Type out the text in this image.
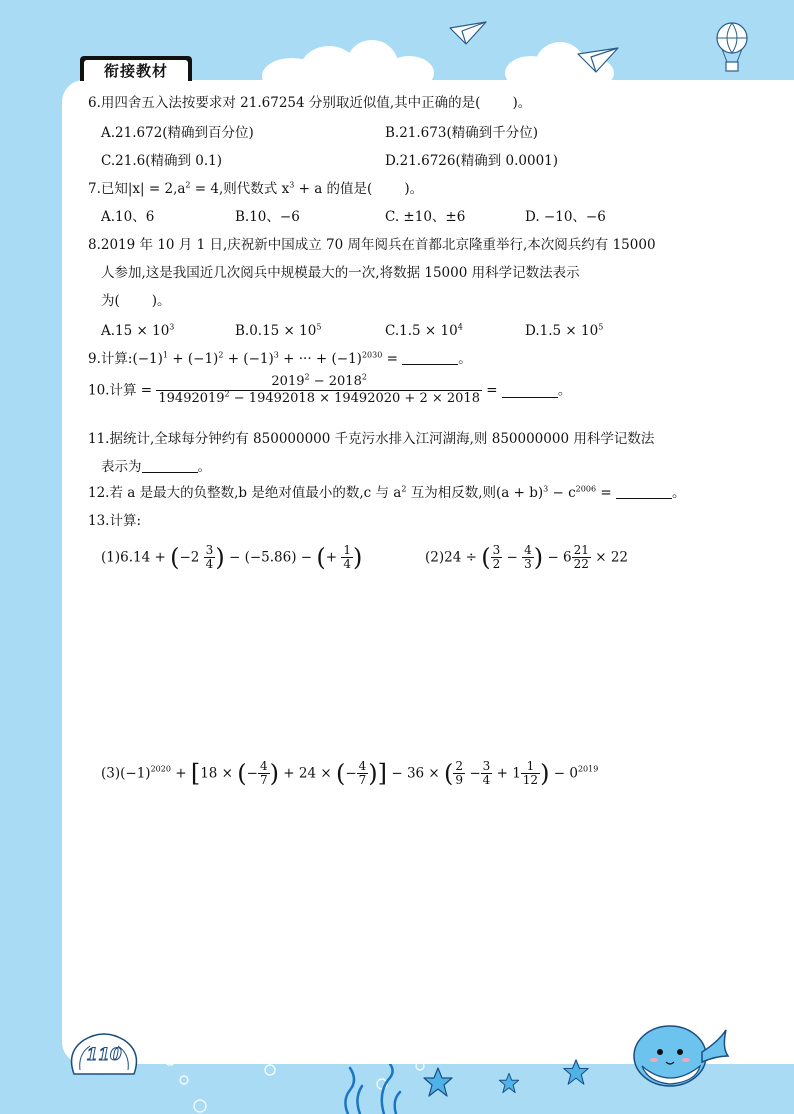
衔接教材
6.用四舍五入法按要求对 21.67254 分别取近似值,其中正确的是( )。
A.21.672(精确到百分位)	B.21.673(精确到千分位)
C.21.6(精确到 0.1)	D.21.6726(精确到 0.0001)
7.已知$|x| = 2,a^2 = 4$,则代数式 $x^3 + a$ 的值是( )。
A.10、6	B.10、−6	C. ±10、±6	D. −10、−6
8.2019 年 10 月 1 日,庆祝新中国成立 70 周年阅兵在首都北京隆重举行,本次阅兵约有 15000
人参加,这是我国近几次阅兵中规模最大的一次,将数据 15000 用科学记数法表示
为( )。
$A.15 \times 10^3$	$B.0.15 \times 10^5$	$C.1.5 \times 10^4$	$D.1.5 \times 10^5$
9.计算$:(-1)^1 + (-1)^2 + (-1)^3$ + ··· + $(-1)^{2030}$ =	。
10.计算 = $\frac{2019^2 - 2018^2}{19492019^2 - 19492018 \times 19492020 + 2 \times 2018}$ =	。
11.据统计,全球每分钟约有 850000000 千克污水排入江河湖海,则 850000000 用科学记数法
表示为	。
12.若 a 是最大的负整数,b 是绝对值最小的数,c 与 $a^2$ 互为相反数,则$(a + b)^3 - c^{2006}$ =	。
13.计算:
$(1)6.14 + (-2 \frac{3}{4}$ ) − (−5.86) − (+ $\frac{1}{4}$ )	(2)24 ÷ ( $\frac{3}{2} - \frac{4}{3}$ ) − $6 \frac{21}{22} \times 22$
$(3)(-1)^{2020} + [18$ × (− $\frac{4}{7}$ ) + 24 × (− $\frac{4}{7}$ )] − 36 × ( $\frac{2}{9} - \frac{3}{4} + 1 \frac{1}{12}$ ) − $0^{2019}$
110
